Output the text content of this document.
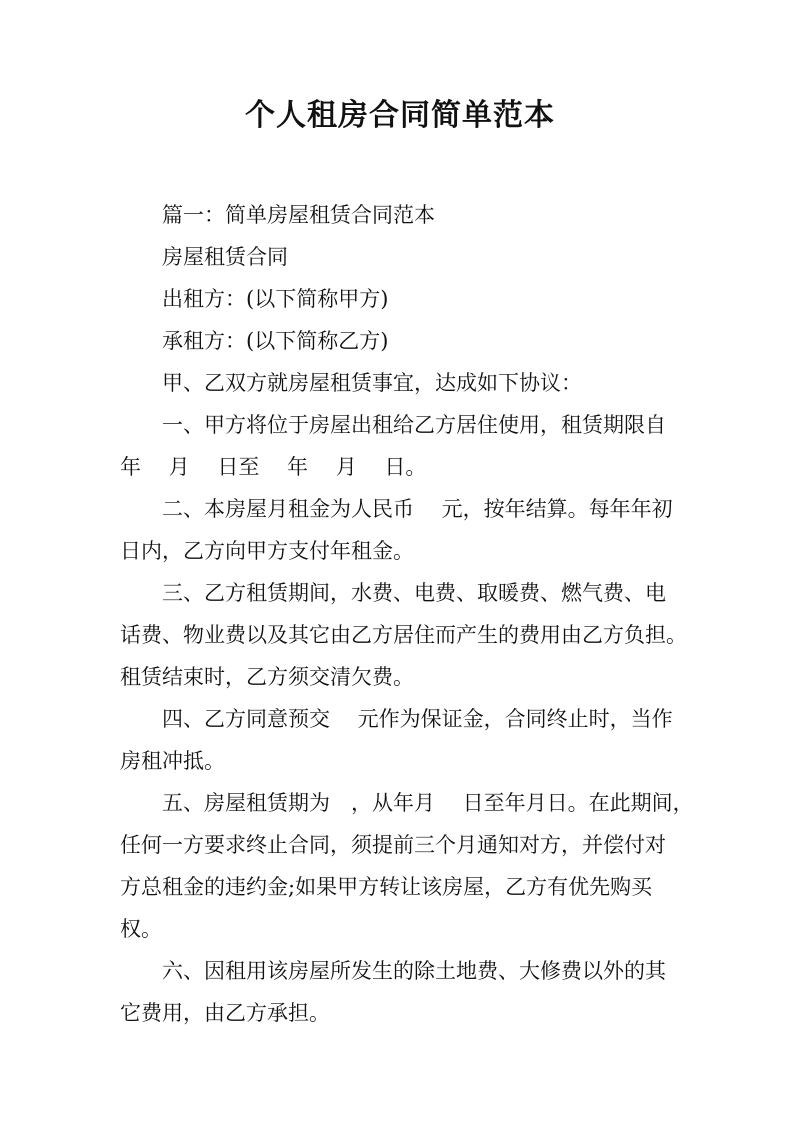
个人租房合同简单范本

篇一：简单房屋租赁合同范本

房屋租赁合同

出租方：(以下简称甲方)

承租方：(以下简称乙方)

甲、乙双方就房屋租赁事宜，达成如下协议：

一、甲方将位于房屋出租给乙方居住使用，租赁期限自

年　 月　 日至　 年　 月　 日。

二、本房屋月租金为人民币　 元，按年结算。每年年初

日内，乙方向甲方支付年租金。

三、乙方租赁期间，水费、电费、取暖费、燃气费、电

话费、物业费以及其它由乙方居住而产生的费用由乙方负担。

租赁结束时，乙方须交清欠费。

四、乙方同意预交　 元作为保证金，合同终止时，当作

房租冲抵。

五、房屋租赁期为　，从年月　 日至年月日。在此期间，

任何一方要求终止合同，须提前三个月通知对方，并偿付对

方总租金的违约金;如果甲方转让该房屋，乙方有优先购买

权。

六、因租用该房屋所发生的除土地费、大修费以外的其

它费用，由乙方承担。
